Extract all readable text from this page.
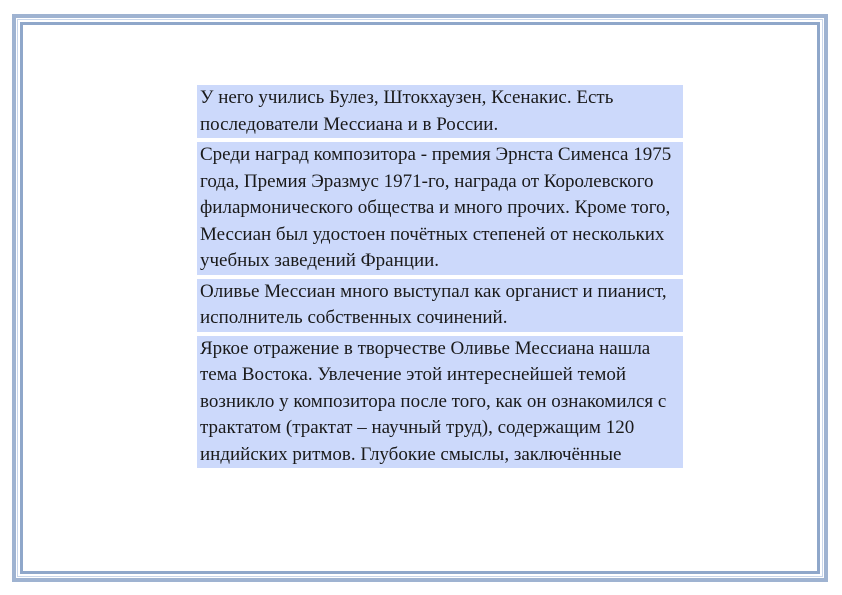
У него учились Булез, Штокхаузен, Ксенакис. Есть последователи Мессиана и в России.
Среди наград композитора - премия Эрнста Сименса 1975 года, Премия Эразмус 1971-го, награда от Королевского филармонического общества и много прочих. Кроме того, Мессиан был удостоен почётных степеней от нескольких учебных заведений Франции.
Оливье Мессиан много выступал как органист и пианист, исполнитель собственных сочинений.
Яркое отражение в творчестве Оливье Мессиана нашла тема Востока. Увлечение этой интереснейшей темой возникло у композитора после того, как он ознакомился с трактатом (трактат – научный труд), содержащим 120 индийских ритмов. Глубокие смыслы, заключённые
